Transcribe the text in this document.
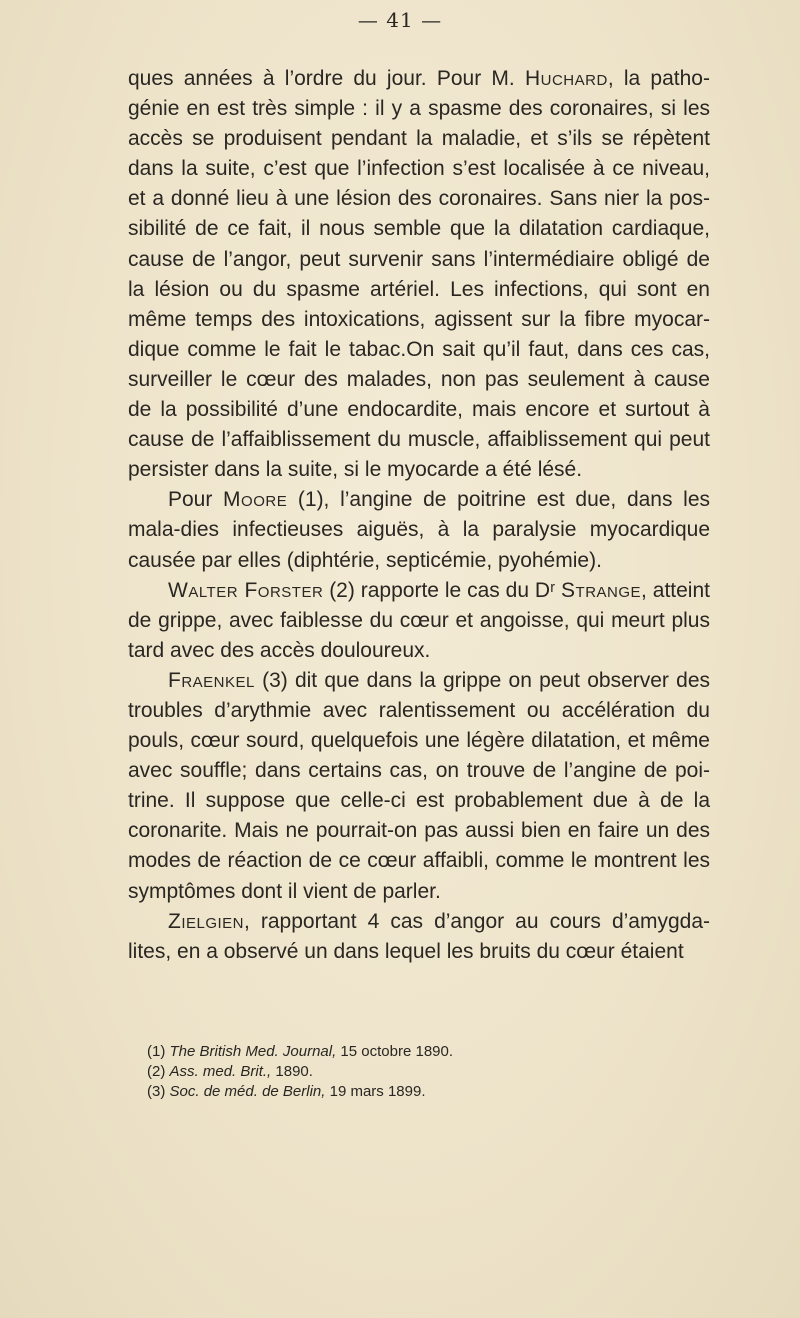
— 41 —

ques années à l’ordre du jour. Pour M. Huchard, la patho-génie en est très simple : il y a spasme des coronaires, si les accès se produisent pendant la maladie, et s’ils se répètent dans la suite, c’est que l’infection s’est localisée à ce niveau, et a donné lieu à une lésion des coronaires. Sans nier la pos-sibilité de ce fait, il nous semble que la dilatation cardiaque, cause de l’angor, peut survenir sans l’intermédiaire obligé de la lésion ou du spasme artériel. Les infections, qui sont en même temps des intoxications, agissent sur la fibre myocar-dique comme le fait le tabac.On sait qu’il faut, dans ces cas, surveiller le cœur des malades, non pas seulement à cause de la possibilité d’une endocardite, mais encore et surtout à cause de l’affaiblissement du muscle, affaiblissement qui peut persister dans la suite, si le myocarde a été lésé.

Pour Moore (1), l’angine de poitrine est due, dans les mala-dies infectieuses aiguës, à la paralysie myocardique causée par elles (diphtérie, septicémie, pyohémie).

Walter Forster (2) rapporte le cas du Dʳ Strange, atteint de grippe, avec faiblesse du cœur et angoisse, qui meurt plus tard avec des accès douloureux.

Fraenkel (3) dit que dans la grippe on peut observer des troubles d’arythmie avec ralentissement ou accélération du pouls, cœur sourd, quelquefois une légère dilatation, et même avec souffle; dans certains cas, on trouve de l’angine de poi-trine. Il suppose que celle-ci est probablement due à de la coronarite. Mais ne pourrait-on pas aussi bien en faire un des modes de réaction de ce cœur affaibli, comme le montrent les symptômes dont il vient de parler.

Zielgien, rapportant 4 cas d’angor au cours d’amygda-lites, en a observé un dans lequel les bruits du cœur étaient

(1) The British Med. Journal, 15 octobre 1890.
(2) Ass. med. Brit., 1890.
(3) Soc. de méd. de Berlin, 19 mars 1899.
